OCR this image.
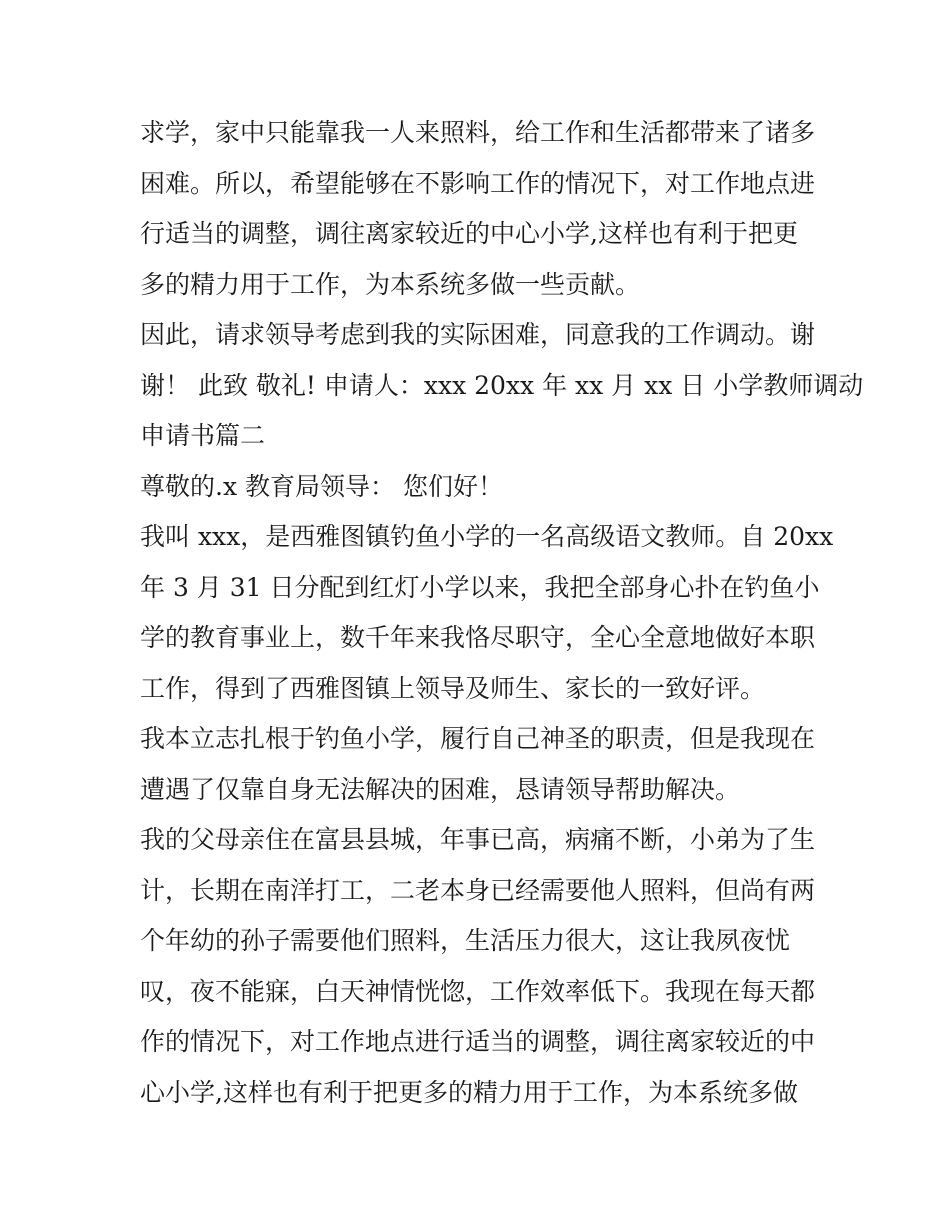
求学，家中只能靠我一人来照料，给工作和生活都带来了诸多
困难。所以，希望能够在不影响工作的情况下，对工作地点进
行适当的调整，调往离家较近的中心小学,这样也有利于把更
多的精力用于工作，为本系统多做一些贡献。
因此，请求领导考虑到我的实际困难，同意我的工作调动。谢
谢！ 此致 敬礼! 申请人：xxx 20xx 年 xx 月 xx 日 小学教师调动
申请书篇二
尊敬的.x 教育局领导： 您们好！
我叫 xxx，是西雅图镇钓鱼小学的一名高级语文教师。自 20xx
年 3 月 31 日分配到红灯小学以来，我把全部身心扑在钓鱼小
学的教育事业上，数千年来我恪尽职守，全心全意地做好本职
工作，得到了西雅图镇上领导及师生、家长的一致好评。
我本立志扎根于钓鱼小学，履行自己神圣的职责，但是我现在
遭遇了仅靠自身无法解决的困难，恳请领导帮助解决。
我的父母亲住在富县县城，年事已高，病痛不断，小弟为了生
计，长期在南洋打工，二老本身已经需要他人照料，但尚有两
个年幼的孙子需要他们照料，生活压力很大，这让我夙夜忧
叹，夜不能寐，白天神情恍惚，工作效率低下。我现在每天都
作的情况下，对工作地点进行适当的调整，调往离家较近的中
心小学,这样也有利于把更多的精力用于工作，为本系统多做
